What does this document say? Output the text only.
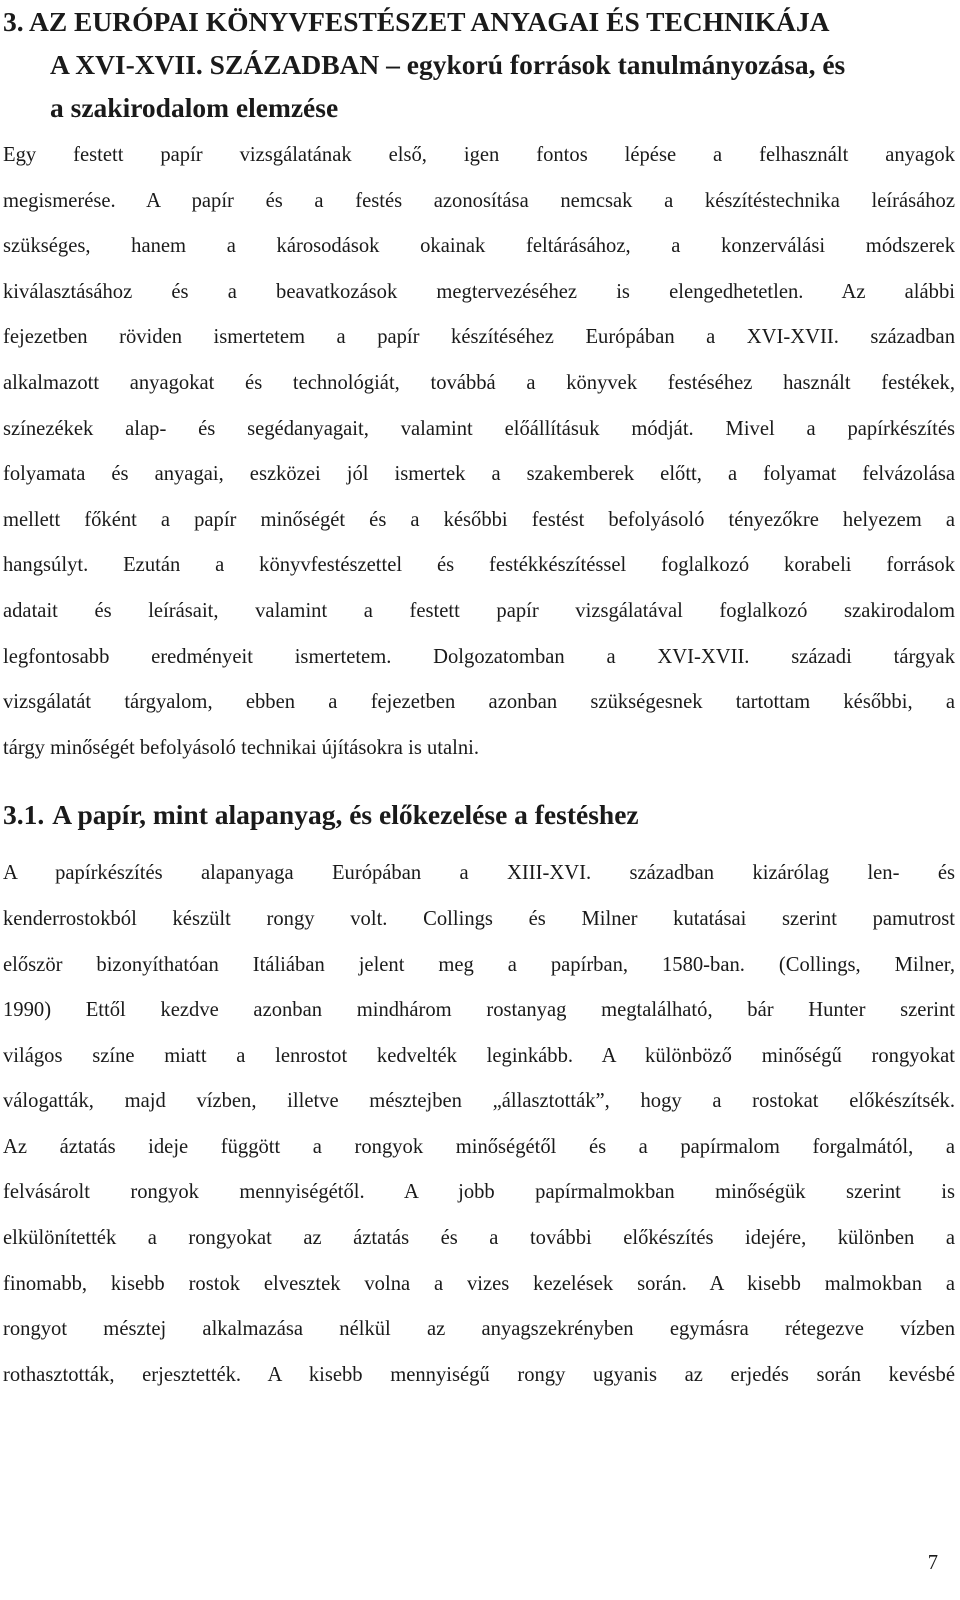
3. AZ EURÓPAI KÖNYVFESTÉSZET ANYAGAI ÉS TECHNIKÁJA
A XVI-XVII. SZÁZADBAN – egykorú források tanulmányozása, és
a szakirodalom elemzése
Egy festett papír vizsgálatának első, igen fontos lépése a felhasznált anyagok
megismerése. A papír és a festés azonosítása nemcsak a készítéstechnika leírásához
szükséges, hanem a károsodások okainak feltárásához, a konzerválási módszerek
kiválasztásához és a beavatkozások megtervezéséhez is elengedhetetlen. Az alábbi
fejezetben röviden ismertetem a papír készítéséhez Európában a XVI-XVII. században
alkalmazott anyagokat és technológiát, továbbá a könyvek festéséhez használt festékek,
színezékek alap- és segédanyagait, valamint előállításuk módját. Mivel a papírkészítés
folyamata és anyagai, eszközei jól ismertek a szakemberek előtt, a folyamat felvázolása
mellett főként a papír minőségét és a későbbi festést befolyásoló tényezőkre helyezem a
hangsúlyt. Ezután a könyvfestészettel és festékkészítéssel foglalkozó korabeli források
adatait és leírásait, valamint a festett papír vizsgálatával foglalkozó szakirodalom
legfontosabb eredményeit ismertetem. Dolgozatomban a XVI-XVII. századi tárgyak
vizsgálatát tárgyalom, ebben a fejezetben azonban szükségesnek tartottam későbbi, a
tárgy minőségét befolyásoló technikai újításokra is utalni.
3.1. A papír, mint alapanyag, és előkezelése a festéshez
A papírkészítés alapanyaga Európában a XIII-XVI. században kizárólag len- és
kenderrostokból készült rongy volt. Collings és Milner kutatásai szerint pamutrost
először bizonyíthatóan Itáliában jelent meg a papírban, 1580-ban. (Collings, Milner,
1990) Ettől kezdve azonban mindhárom rostanyag megtalálható, bár Hunter szerint
világos színe miatt a lenrostot kedvelték leginkább. A különböző minőségű rongyokat
válogatták, majd vízben, illetve mésztejben „állasztották”, hogy a rostokat előkészítsék.
Az áztatás ideje függött a rongyok minőségétől és a papírmalom forgalmától, a
felvásárolt rongyok mennyiségétől. A jobb papírmalmokban minőségük szerint is
elkülönítették a rongyokat az áztatás és a további előkészítés idejére, különben a
finomabb, kisebb rostok elvesztek volna a vizes kezelések során. A kisebb malmokban a
rongyot mésztej alkalmazása nélkül az anyagszekrényben egymásra rétegezve vízben
rothasztották, erjesztették. A kisebb mennyiségű rongy ugyanis az erjedés során kevésbé
7
